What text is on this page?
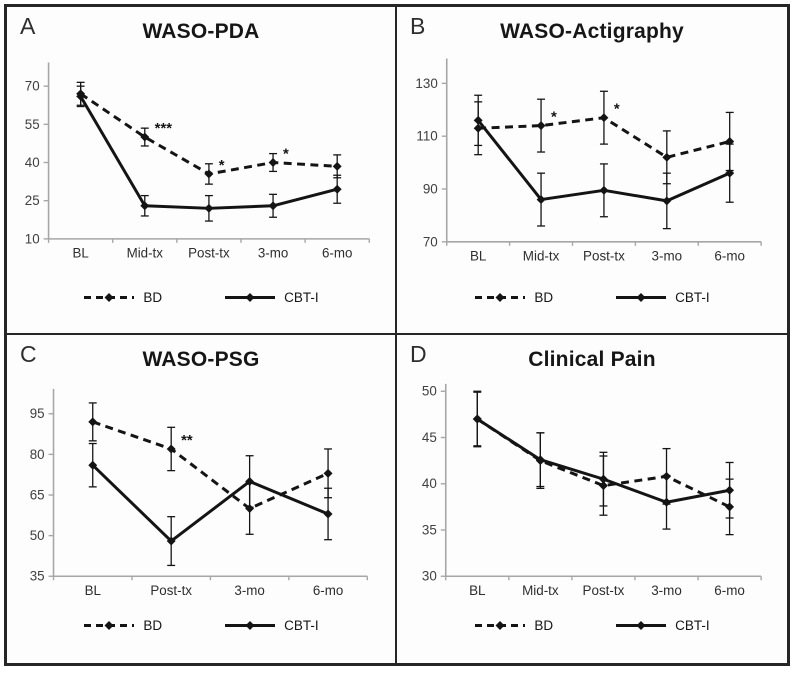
A	WASO-PDA
10
25
40
55
70
BL	Mid-tx Post-tx 3-mo 6-mo
***
*
*
BD	CBT-I
B	WASO-Actigraphy
70
90
110
130
BL	Mid-tx Post-tx 3-mo 6-mo
*	*
BD	CBT-I
C	WASO-PSG
35
50
65
80
95
BL	Post-tx	3-mo	6-mo
**
BD	CBT-I
D	Clinical Pain
30
35
40
45
50
BL	Mid-tx Post-tx 3-mo 6-mo
BD	CBT-I
